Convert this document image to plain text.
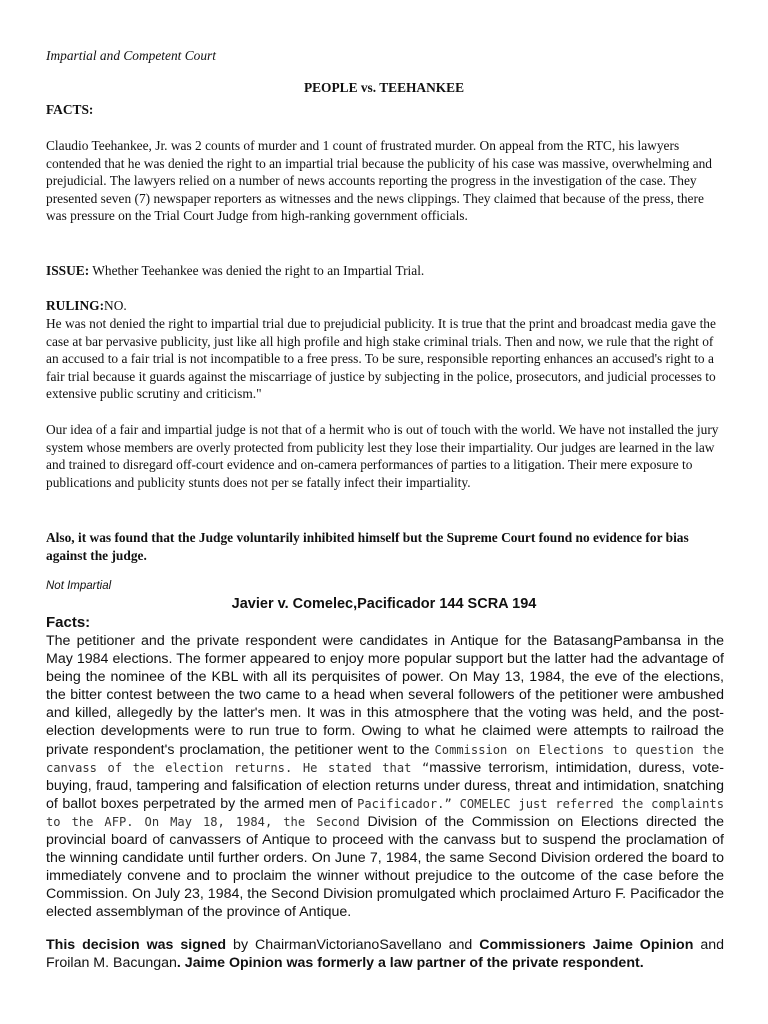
Impartial and Competent Court

PEOPLE vs. TEEHANKEE

FACTS:

Claudio Teehankee, Jr. was 2 counts of murder and 1 count of frustrated murder. On appeal from the RTC, his lawyers contended that he was denied the right to an impartial trial because the publicity of his case was massive, overwhelming and prejudicial. The lawyers relied on a number of news accounts reporting the progress in the investigation of the case. They presented seven (7) newspaper reporters as witnesses and the news clippings. They claimed that because of the press, there was pressure on the Trial Court Judge from high-ranking government officials.

ISSUE: Whether Teehankee was denied the right to an Impartial Trial.

RULING:NO.

He was not denied the right to impartial trial due to prejudicial publicity. It is true that the print and broadcast media gave the case at bar pervasive publicity, just like all high profile and high stake criminal trials. Then and now, we rule that the right of an accused to a fair trial is not incompatible to a free press. To be sure, responsible reporting enhances an accused's right to a fair trial because it guards against the miscarriage of justice by subjecting in the police, prosecutors, and judicial processes to extensive public scrutiny and criticism."

Our idea of a fair and impartial judge is not that of a hermit who is out of touch with the world. We have not installed the jury system whose members are overly protected from publicity lest they lose their impartiality. Our judges are learned in the law and trained to disregard off-court evidence and on-camera performances of parties to a litigation. Their mere exposure to publications and publicity stunts does not per se fatally infect their impartiality.

Also, it was found that the Judge voluntarily inhibited himself but the Supreme Court found no evidence for bias against the judge.

Not Impartial

Javier v. Comelec,Pacificador 144 SCRA 194

Facts:

The petitioner and the private respondent were candidates in Antique for the BatasangPambansa in the May 1984 elections. The former appeared to enjoy more popular support but the latter had the advantage of being the nominee of the KBL with all its perquisites of power. On May 13, 1984, the eve of the elections, the bitter contest between the two came to a head when several followers of the petitioner were ambushed and killed, allegedly by the latter's men. It was in this atmosphere that the voting was held, and the post-election developments were to run true to form. Owing to what he claimed were attempts to railroad the private respondent's proclamation, the petitioner went to the Commission on Elections to question the canvass of the election returns. He stated that “massive terrorism, intimidation, duress, vote-buying, fraud, tampering and falsification of election returns under duress, threat and intimidation, snatching of ballot boxes perpetrated by the armed men of Pacificador.” COMELEC just referred the complaints to the AFP. On May 18, 1984, the Second Division of the Commission on Elections directed the provincial board of canvassers of Antique to proceed with the canvass but to suspend the proclamation of the winning candidate until further orders. On June 7, 1984, the same Second Division ordered the board to immediately convene and to proclaim the winner without prejudice to the outcome of the case before the Commission. On July 23, 1984, the Second Division promulgated which proclaimed Arturo F. Pacificador the elected assemblyman of the province of Antique.

This decision was signed by ChairmanVictorianoSavellano and Commissioners Jaime Opinion and Froilan M. Bacungan. Jaime Opinion was formerly a law partner of the private respondent.
